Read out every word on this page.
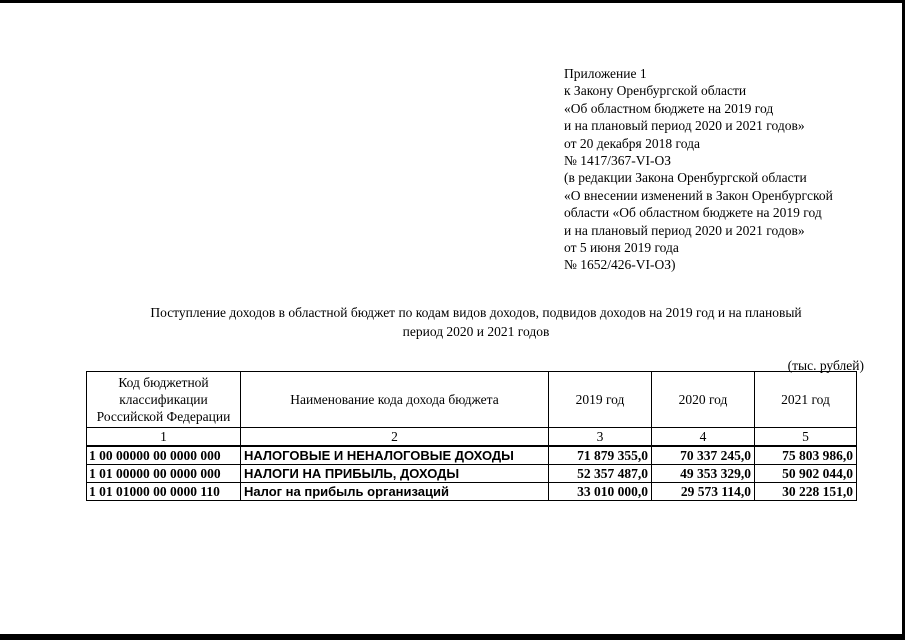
Приложение 1
к Закону Оренбургской области
«Об областном бюджете на 2019 год
и на плановый период 2020 и 2021 годов»
от 20 декабря 2018 года
№ 1417/367-VI-ОЗ
(в редакции Закона Оренбургской области
«О внесении изменений в Закон Оренбургской
области «Об областном бюджете на 2019 год
и на плановый период 2020 и 2021 годов»
от 5 июня 2019 года
№ 1652/426-VI-ОЗ)
Поступление доходов в областной бюджет по кодам видов доходов, подвидов доходов на 2019 год и на плановый
период 2020 и 2021 годов
(тыс. рублей)
Код бюджетной классификации Российской Федерации	Наименование кода дохода бюджета	2019 год	2020 год	2021 год
1	2	3	4	5
1 00 00000 00 0000 000	НАЛОГОВЫЕ И НЕНАЛОГОВЫЕ ДОХОДЫ	71 879 355,0	70 337 245,0	75 803 986,0
1 01 00000 00 0000 000	НАЛОГИ НА ПРИБЫЛЬ, ДОХОДЫ	52 357 487,0	49 353 329,0	50 902 044,0
1 01 01000 00 0000 110	Налог на прибыль организаций	33 010 000,0	29 573 114,0	30 228 151,0
